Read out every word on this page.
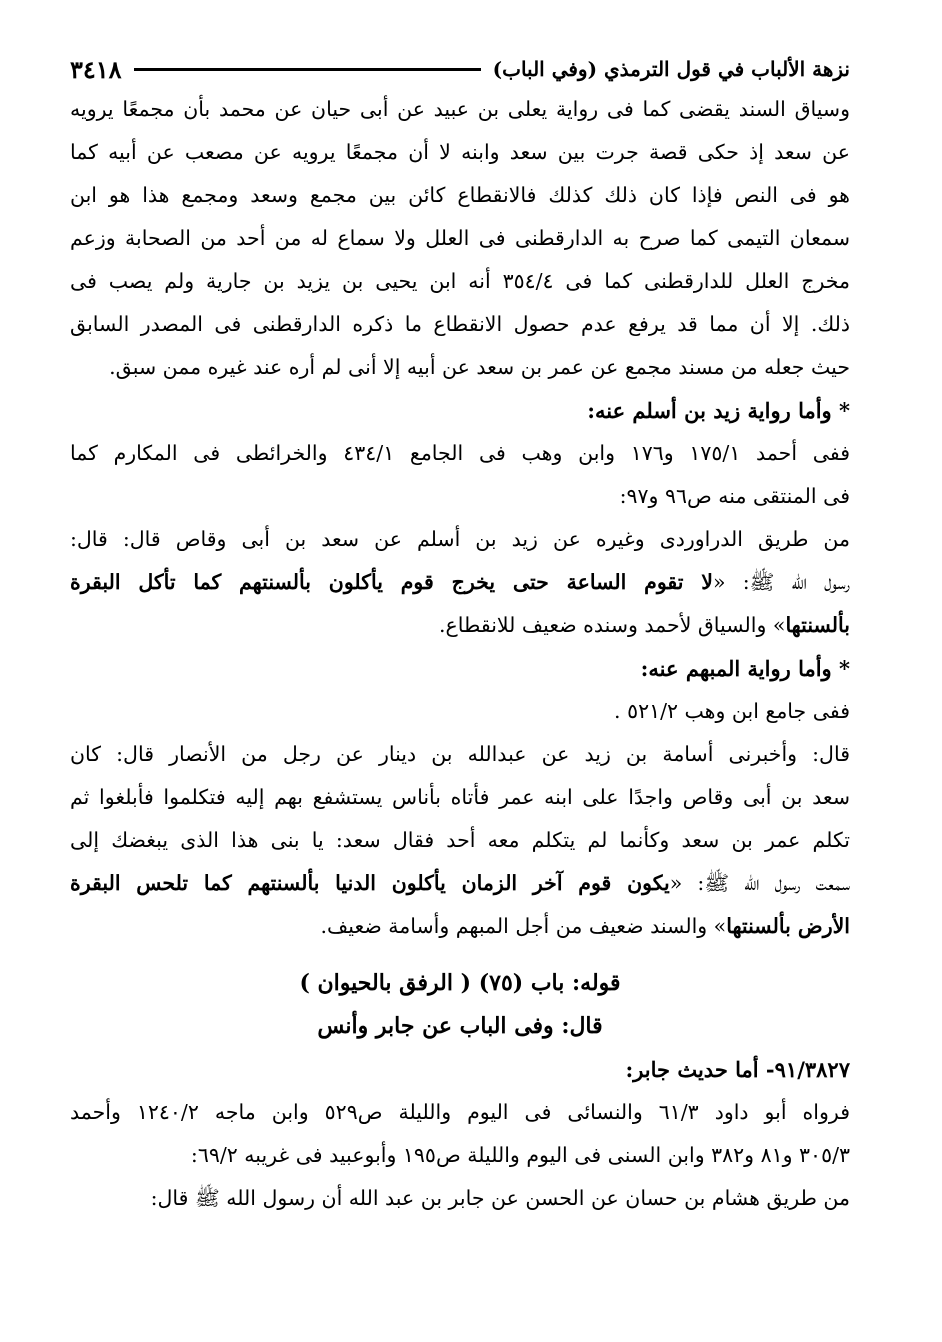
نزهة الألباب في قول الترمذي (وفي الباب)
٣٤١٨
وسياق السند يقضى كما فى رواية يعلى بن عبيد عن أبى حيان عن محمد بأن مجمعًا يرويه
عن سعد إذ حكى قصة جرت بين سعد وابنه لا أن مجمعًا يرويه عن مصعب عن أبيه كما
هو فى النص فإذا كان ذلك كذلك فالانقطاع كائن بين مجمع وسعد ومجمع هذا هو ابن
سمعان التيمى كما صرح به الدارقطنى فى العلل ولا سماع له من أحد من الصحابة وزعم
مخرج العلل للدارقطنى كما فى ٣٥٤/٤ أنه ابن يحيى بن يزيد بن جارية ولم يصب فى
ذلك. إلا أن مما قد يرفع عدم حصول الانقطاع ما ذكره الدارقطنى فى المصدر السابق
حيث جعله من مسند مجمع عن عمر بن سعد عن أبيه إلا أنى لم أره عند غيره ممن سبق.
* وأما رواية زيد بن أسلم عنه:
ففى أحمد ١٧٥/١ و١٧٦ وابن وهب فى الجامع ٤٣٤/١ والخرائطى فى المكارم كما
فى المنتقى منه ص٩٦ و٩٧:
من طريق الدراوردى وغيره عن زيد بن أسلم عن سعد بن أبى وقاص قال: قال:
رسول الله ﷺ: «لا تقوم الساعة حتى يخرج قوم يأكلون بألسنتهم كما تأكل البقرة
بألسنتها» والسياق لأحمد وسنده ضعيف للانقطاع.
* وأما رواية المبهم عنه:
ففى جامع ابن وهب ٥٢١/٢ .
قال: وأخبرنى أسامة بن زيد عن عبدالله بن دينار عن رجل من الأنصار قال: كان
سعد بن أبى وقاص واجدًا على ابنه عمر فأتاه بأناس يستشفع بهم إليه فتكلموا فأبلغوا ثم
تكلم عمر بن سعد وكأنما لم يتكلم معه أحد فقال سعد: يا بنى هذا الذى يبغضك إلى
سمعت رسول الله ﷺ: «يكون قوم آخر الزمان يأكلون الدنيا بألسنتهم كما تلحس البقرة
الأرض بألسنتها» والسند ضعيف من أجل المبهم وأسامة ضعيف.
قوله: باب (٧٥) ( الرفق بالحيوان )
قال: وفى الباب عن جابر وأنس
٩١/٣٨٢٧- أما حديث جابر:
فرواه أبو داود ٦١/٣ والنسائى فى اليوم والليلة ص٥٢٩ وابن ماجه ١٢٤٠/٢ وأحمد
٣٠٥/٣ و٨١ و٣٨٢ وابن السنى فى اليوم والليلة ص١٩٥ وأبوعبيد فى غريبه ٦٩/٢:
من طريق هشام بن حسان عن الحسن عن جابر بن عبد الله أن رسول الله ﷺ قال:
